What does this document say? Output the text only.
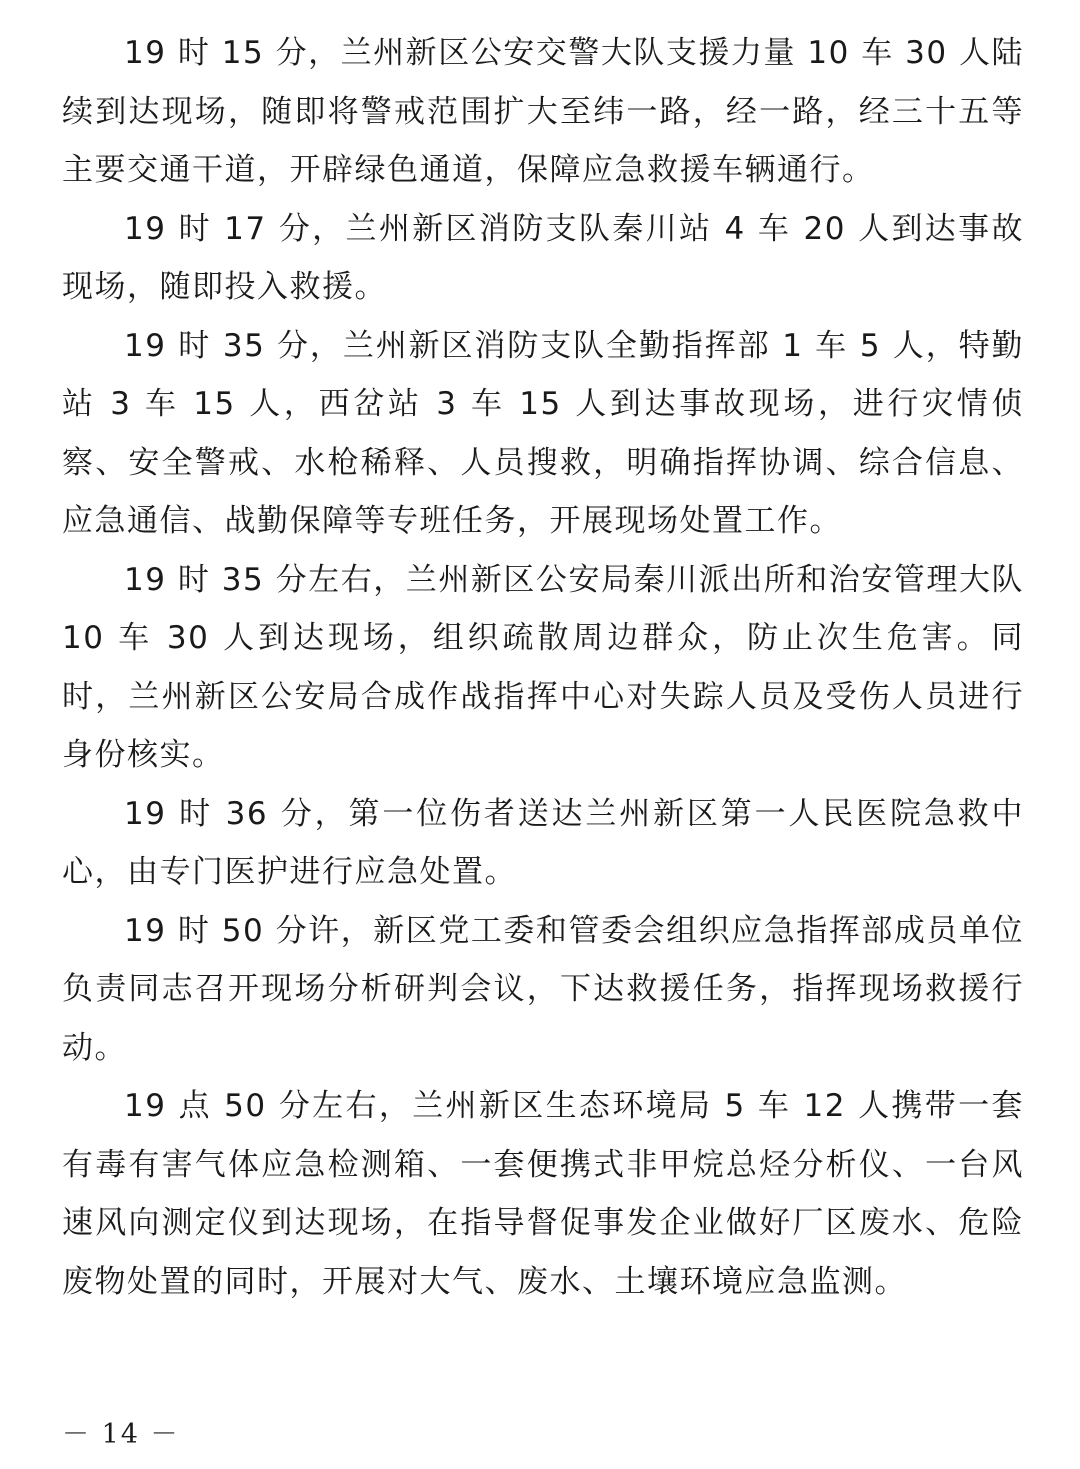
19 时 15 分，兰州新区公安交警大队支援力量 10 车 30 人陆续到达现场，随即将警戒范围扩大至纬一路，经一路，经三十五等主要交通干道，开辟绿色通道，保障应急救援车辆通行。

19 时 17 分，兰州新区消防支队秦川站 4 车 20 人到达事故现场，随即投入救援。

19 时 35 分，兰州新区消防支队全勤指挥部 1 车 5 人，特勤站 3 车 15 人，西岔站 3 车 15 人到达事故现场，进行灾情侦察、安全警戒、水枪稀释、人员搜救，明确指挥协调、综合信息、应急通信、战勤保障等专班任务，开展现场处置工作。

19 时 35 分左右，兰州新区公安局秦川派出所和治安管理大队 10 车 30 人到达现场，组织疏散周边群众，防止次生危害。同时，兰州新区公安局合成作战指挥中心对失踪人员及受伤人员进行身份核实。

19 时 36 分，第一位伤者送达兰州新区第一人民医院急救中心，由专门医护进行应急处置。

19 时 50 分许，新区党工委和管委会组织应急指挥部成员单位负责同志召开现场分析研判会议，下达救援任务，指挥现场救援行动。

19 点 50 分左右，兰州新区生态环境局 5 车 12 人携带一套有毒有害气体应急检测箱、一套便携式非甲烷总烃分析仪、一台风速风向测定仪到达现场，在指导督促事发企业做好厂区废水、危险废物处置的同时，开展对大气、废水、土壤环境应急监测。

－ 14 －
